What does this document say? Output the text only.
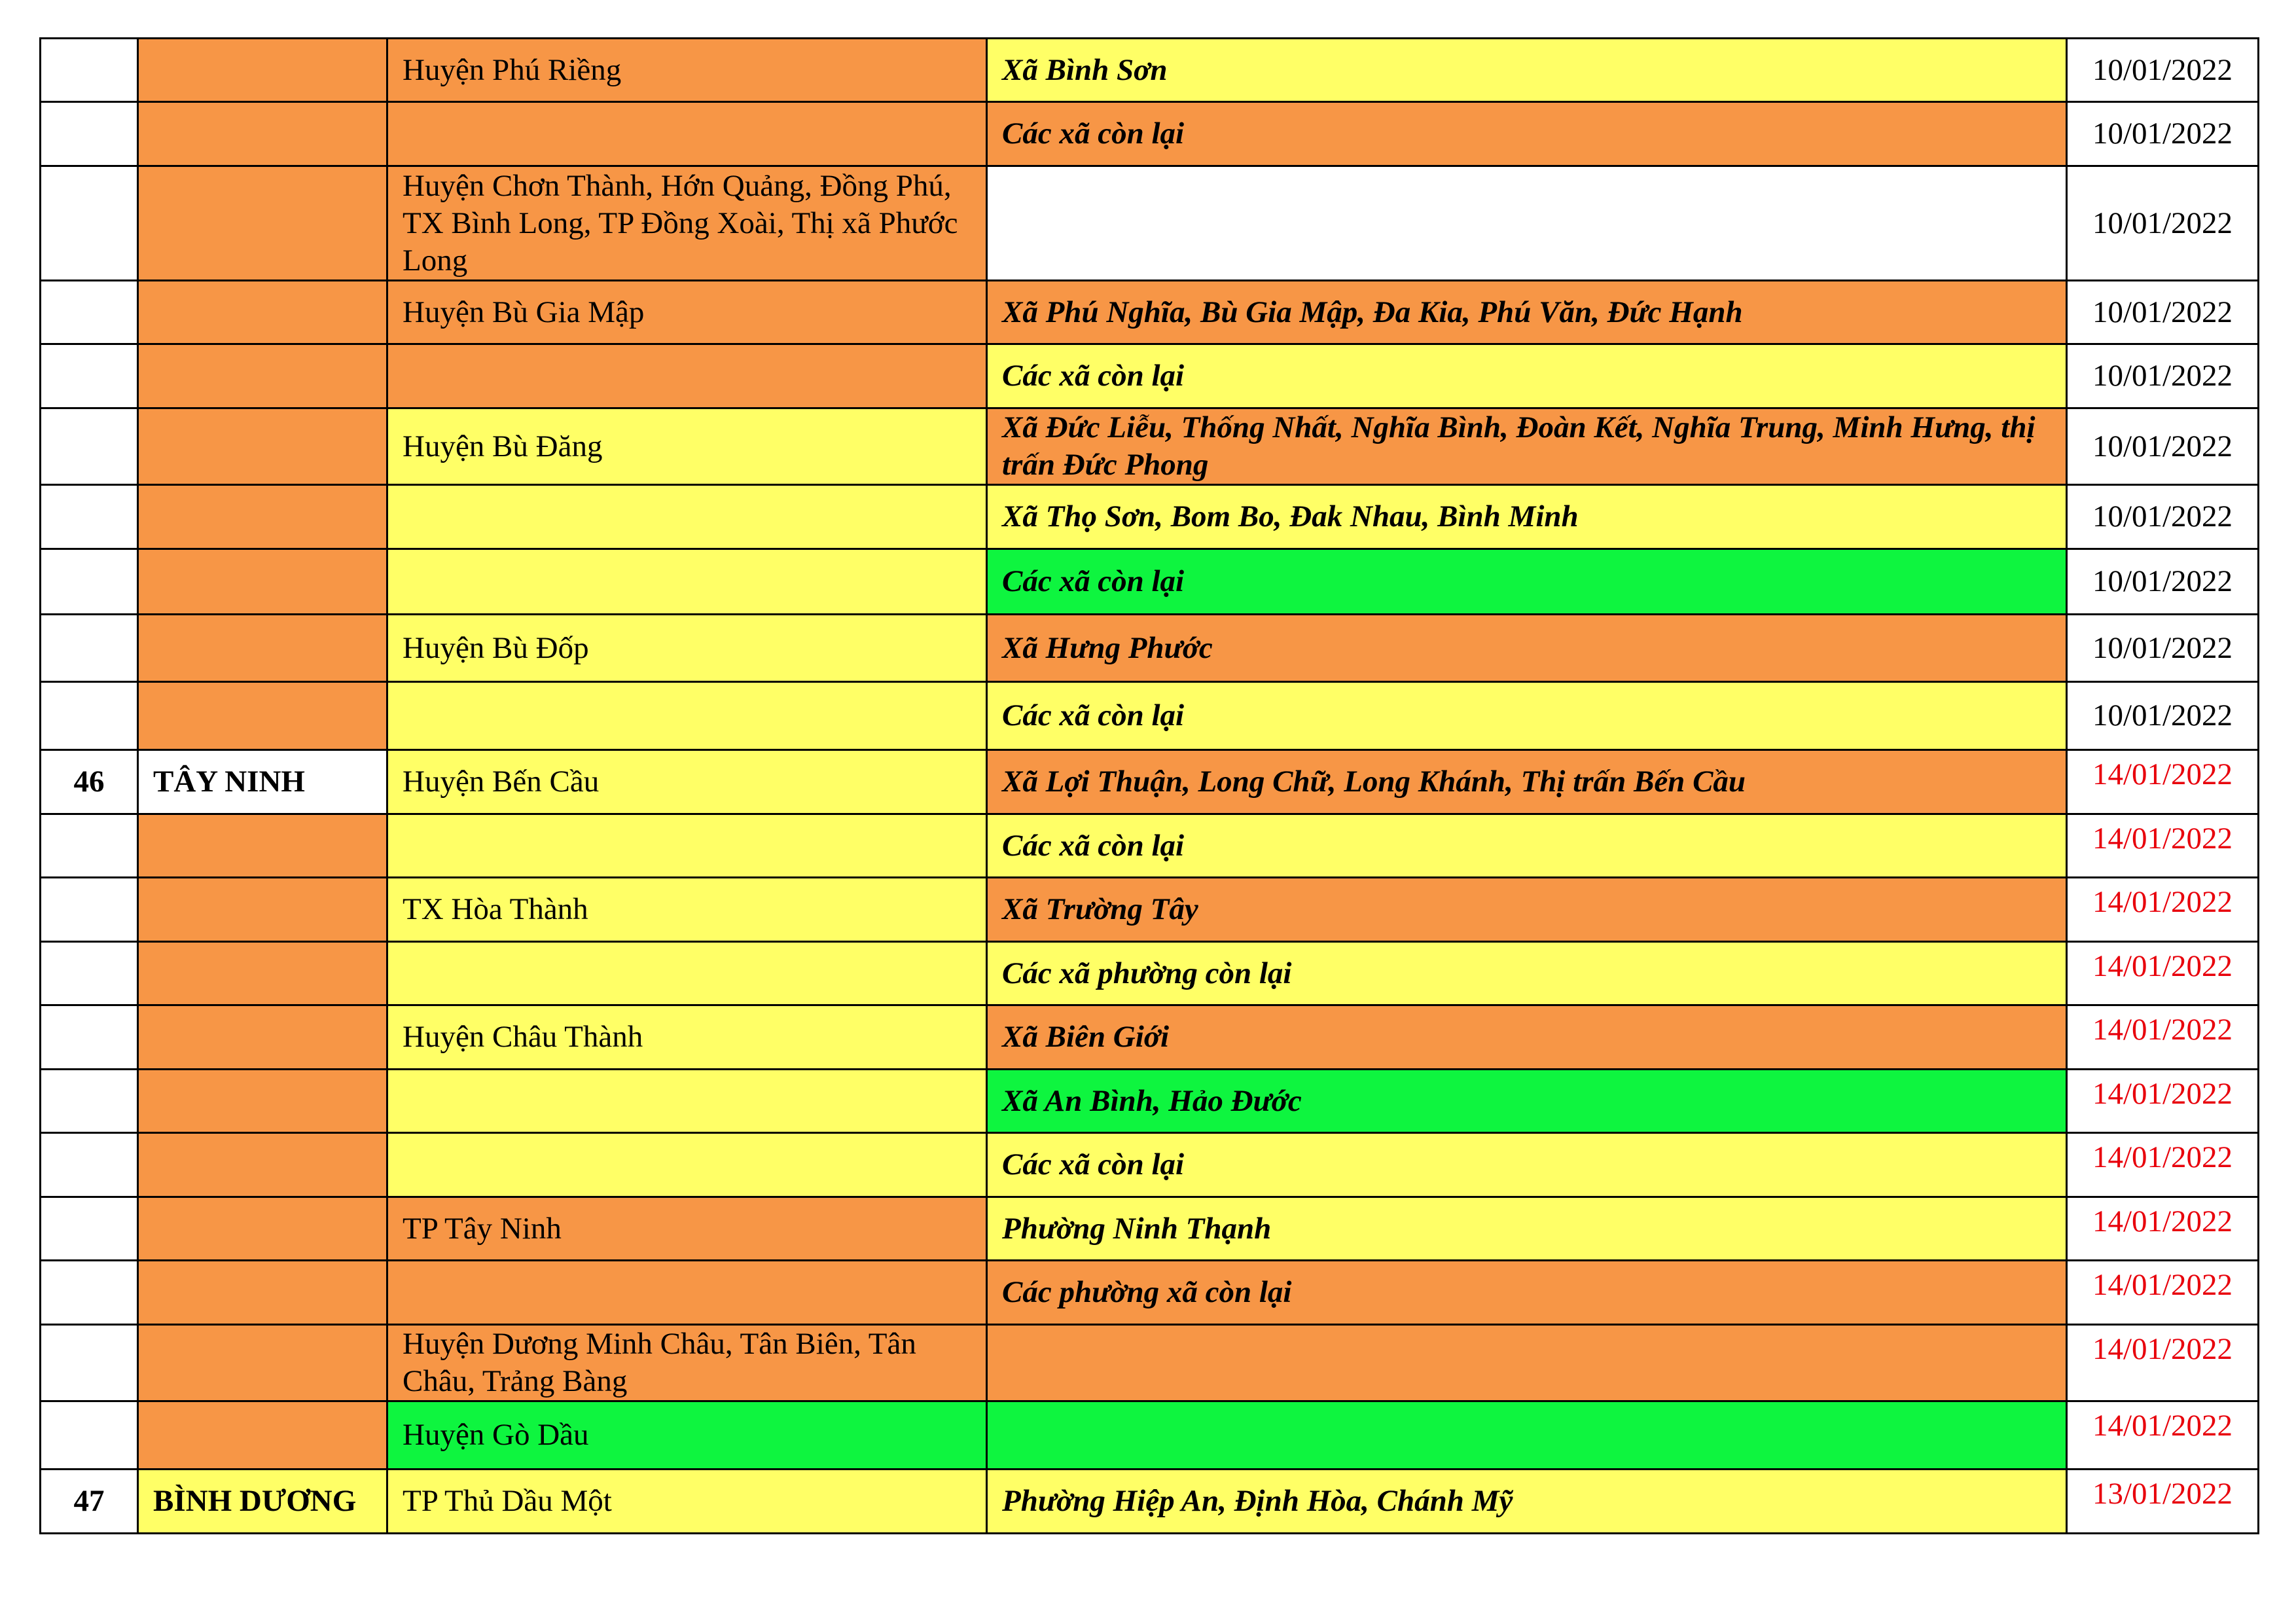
		Huyện Phú Riềng	Xã Bình Sơn	10/01/2022
			Các xã còn lại	10/01/2022
		Huyện Chơn Thành, Hớn Quảng, Đồng Phú, TX Bình Long, TP Đồng Xoài, Thị xã Phước Long		10/01/2022
		Huyện Bù Gia Mập	Xã Phú Nghĩa, Bù Gia Mập, Đa Kia, Phú Văn, Đức Hạnh	10/01/2022
			Các xã còn lại	10/01/2022
		Huyện Bù Đăng	Xã Đức Liễu, Thống Nhất, Nghĩa Bình, Đoàn Kết, Nghĩa Trung, Minh Hưng, thị trấn Đức Phong	10/01/2022
			Xã Thọ Sơn, Bom Bo, Đak Nhau, Bình Minh	10/01/2022
			Các xã còn lại	10/01/2022
		Huyện Bù Đốp	Xã Hưng Phước	10/01/2022
			Các xã còn lại	10/01/2022
46	TÂY NINH	Huyện Bến Cầu	Xã Lợi Thuận, Long Chữ, Long Khánh, Thị trấn Bến Cầu	14/01/2022
			Các xã còn lại	14/01/2022
		TX Hòa Thành	Xã Trường Tây	14/01/2022
			Các xã phường còn lại	14/01/2022
		Huyện Châu Thành	Xã Biên Giới	14/01/2022
			Xã An Bình, Hảo Đước	14/01/2022
			Các xã còn lại	14/01/2022
		TP Tây Ninh	Phường Ninh Thạnh	14/01/2022
			Các phường xã còn lại	14/01/2022
		Huyện Dương Minh Châu, Tân Biên, Tân Châu, Trảng Bàng		14/01/2022
		Huyện Gò Dầu		14/01/2022
47	BÌNH DƯƠNG	TP Thủ Dầu Một	Phường Hiệp An, Định Hòa, Chánh Mỹ	13/01/2022
